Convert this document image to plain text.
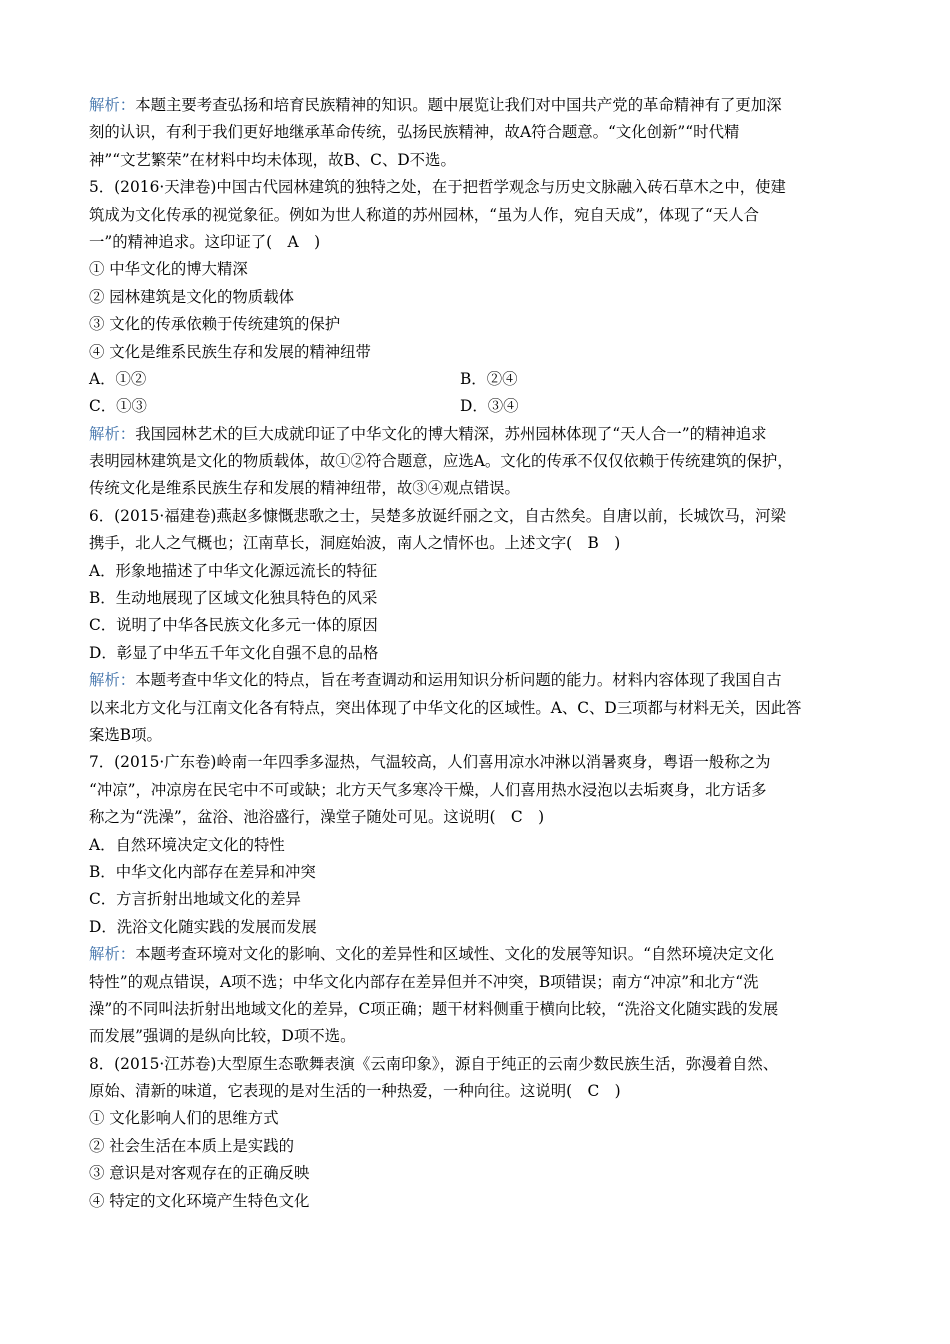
解析：本题主要考查弘扬和培育民族精神的知识。题中展览让我们对中国共产党的革命精神有了更加深
刻的认识，有利于我们更好地继承革命传统，弘扬民族精神，故A符合题意。“文化创新”“时代精
神”“文艺繁荣”在材料中均未体现，故B、C、D不选。
5．(2016·天津卷)中国古代园林建筑的独特之处，在于把哲学观念与历史文脉融入砖石草木之中，使建
筑成为文化传承的视觉象征。例如为世人称道的苏州园林，“虽为人作，宛自天成”，体现了“天人合
一”的精神追求。这印证了(　A　)
① 中华文化的博大精深
② 园林建筑是文化的物质载体
③ 文化的传承依赖于传统建筑的保护
④ 文化是维系民族生存和发展的精神纽带
A．①②	B．②④
C．①③	D．③④
解析：我国园林艺术的巨大成就印证了中华文化的博大精深，苏州园林体现了“天人合一”的精神追求
表明园林建筑是文化的物质载体，故①②符合题意，应选A。文化的传承不仅仅依赖于传统建筑的保护，
传统文化是维系民族生存和发展的精神纽带，故③④观点错误。
6．(2015·福建卷)燕赵多慷慨悲歌之士，吴楚多放诞纤丽之文，自古然矣。自唐以前，长城饮马，河梁
携手，北人之气概也；江南草长，洞庭始波，南人之情怀也。上述文字(　B　)
A．形象地描述了中华文化源远流长的特征
B．生动地展现了区域文化独具特色的风采
C．说明了中华各民族文化多元一体的原因
D．彰显了中华五千年文化自强不息的品格
解析：本题考查中华文化的特点，旨在考查调动和运用知识分析问题的能力。材料内容体现了我国自古
以来北方文化与江南文化各有特点，突出体现了中华文化的区域性。A、C、D三项都与材料无关，因此答
案选B项。
7．(2015·广东卷)岭南一年四季多湿热，气温较高，人们喜用凉水冲淋以消暑爽身，粤语一般称之为
“冲凉”，冲凉房在民宅中不可或缺；北方天气多寒冷干燥，人们喜用热水浸泡以去垢爽身，北方话多
称之为“洗澡”，盆浴、池浴盛行，澡堂子随处可见。这说明(　C　)
A．自然环境决定文化的特性
B．中华文化内部存在差异和冲突
C．方言折射出地域文化的差异
D．洗浴文化随实践的发展而发展
解析：本题考查环境对文化的影响、文化的差异性和区域性、文化的发展等知识。“自然环境决定文化
特性”的观点错误，A项不选；中华文化内部存在差异但并不冲突，B项错误；南方“冲凉”和北方“洗
澡”的不同叫法折射出地域文化的差异，C项正确；题干材料侧重于横向比较，“洗浴文化随实践的发展
而发展”强调的是纵向比较，D项不选。
8．(2015·江苏卷)大型原生态歌舞表演《云南印象》，源自于纯正的云南少数民族生活，弥漫着自然、
原始、清新的味道，它表现的是对生活的一种热爱，一种向往。这说明(　C　)
① 文化影响人们的思维方式
② 社会生活在本质上是实践的
③ 意识是对客观存在的正确反映
④ 特定的文化环境产生特色文化
